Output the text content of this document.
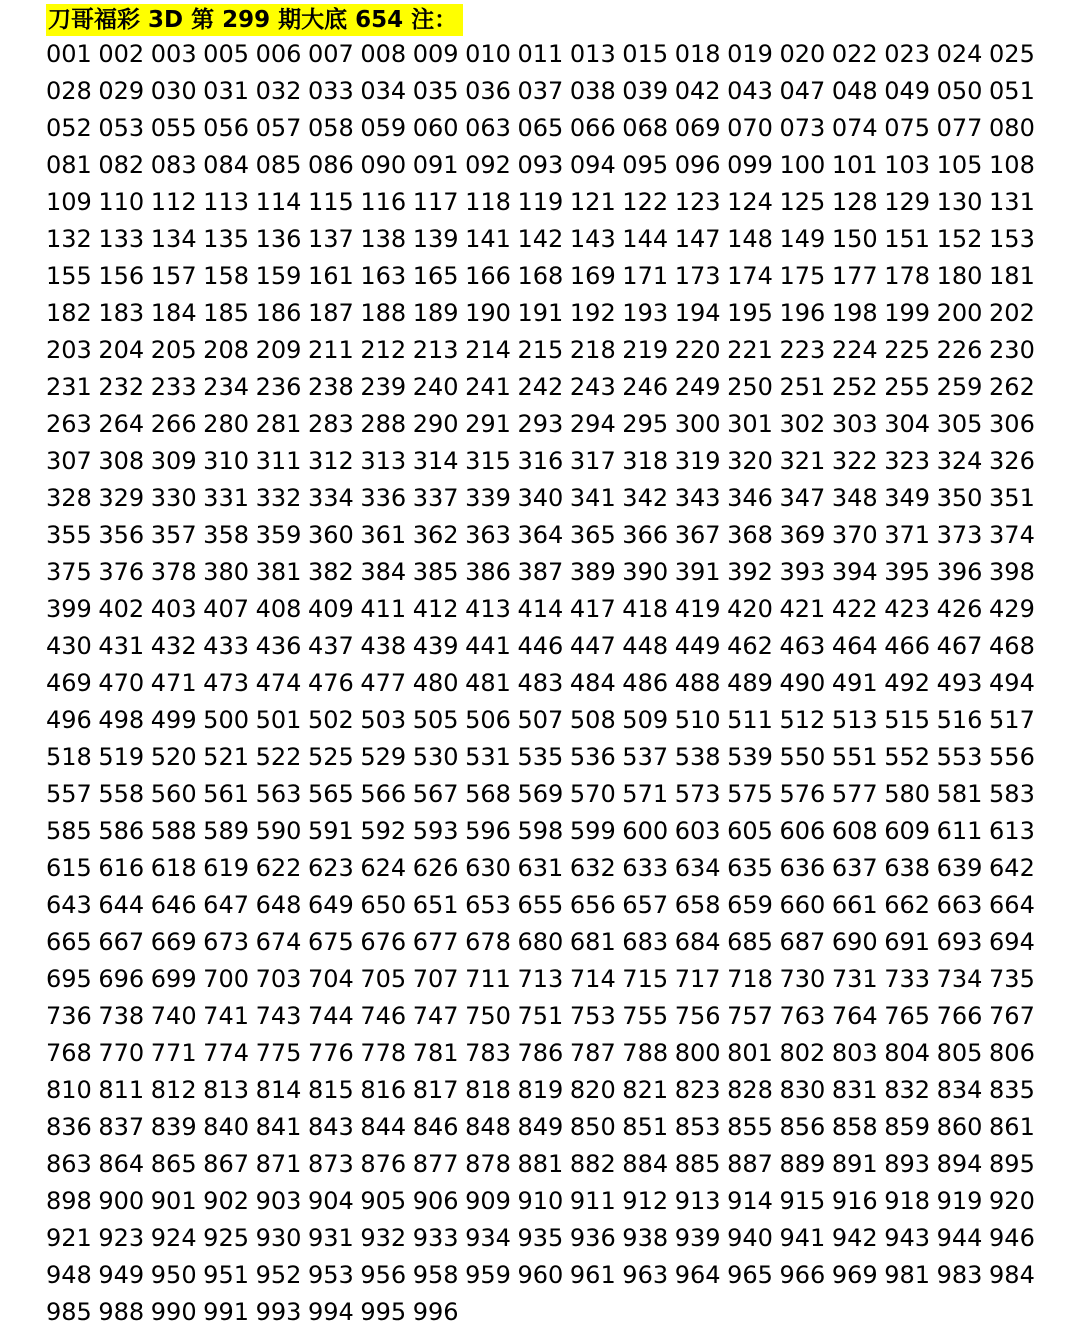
刀哥福彩 3D 第 299 期大底 654 注：
001 002 003 005 006 007 008 009 010 011 013 015 018 019 020 022 023 024 025
028 029 030 031 032 033 034 035 036 037 038 039 042 043 047 048 049 050 051
052 053 055 056 057 058 059 060 063 065 066 068 069 070 073 074 075 077 080
081 082 083 084 085 086 090 091 092 093 094 095 096 099 100 101 103 105 108
109 110 112 113 114 115 116 117 118 119 121 122 123 124 125 128 129 130 131
132 133 134 135 136 137 138 139 141 142 143 144 147 148 149 150 151 152 153
155 156 157 158 159 161 163 165 166 168 169 171 173 174 175 177 178 180 181
182 183 184 185 186 187 188 189 190 191 192 193 194 195 196 198 199 200 202
203 204 205 208 209 211 212 213 214 215 218 219 220 221 223 224 225 226 230
231 232 233 234 236 238 239 240 241 242 243 246 249 250 251 252 255 259 262
263 264 266 280 281 283 288 290 291 293 294 295 300 301 302 303 304 305 306
307 308 309 310 311 312 313 314 315 316 317 318 319 320 321 322 323 324 326
328 329 330 331 332 334 336 337 339 340 341 342 343 346 347 348 349 350 351
355 356 357 358 359 360 361 362 363 364 365 366 367 368 369 370 371 373 374
375 376 378 380 381 382 384 385 386 387 389 390 391 392 393 394 395 396 398
399 402 403 407 408 409 411 412 413 414 417 418 419 420 421 422 423 426 429
430 431 432 433 436 437 438 439 441 446 447 448 449 462 463 464 466 467 468
469 470 471 473 474 476 477 480 481 483 484 486 488 489 490 491 492 493 494
496 498 499 500 501 502 503 505 506 507 508 509 510 511 512 513 515 516 517
518 519 520 521 522 525 529 530 531 535 536 537 538 539 550 551 552 553 556
557 558 560 561 563 565 566 567 568 569 570 571 573 575 576 577 580 581 583
585 586 588 589 590 591 592 593 596 598 599 600 603 605 606 608 609 611 613
615 616 618 619 622 623 624 626 630 631 632 633 634 635 636 637 638 639 642
643 644 646 647 648 649 650 651 653 655 656 657 658 659 660 661 662 663 664
665 667 669 673 674 675 676 677 678 680 681 683 684 685 687 690 691 693 694
695 696 699 700 703 704 705 707 711 713 714 715 717 718 730 731 733 734 735
736 738 740 741 743 744 746 747 750 751 753 755 756 757 763 764 765 766 767
768 770 771 774 775 776 778 781 783 786 787 788 800 801 802 803 804 805 806
810 811 812 813 814 815 816 817 818 819 820 821 823 828 830 831 832 834 835
836 837 839 840 841 843 844 846 848 849 850 851 853 855 856 858 859 860 861
863 864 865 867 871 873 876 877 878 881 882 884 885 887 889 891 893 894 895
898 900 901 902 903 904 905 906 909 910 911 912 913 914 915 916 918 919 920
921 923 924 925 930 931 932 933 934 935 936 938 939 940 941 942 943 944 946
948 949 950 951 952 953 956 958 959 960 961 963 964 965 966 969 981 983 984
985 988 990 991 993 994 995 996
